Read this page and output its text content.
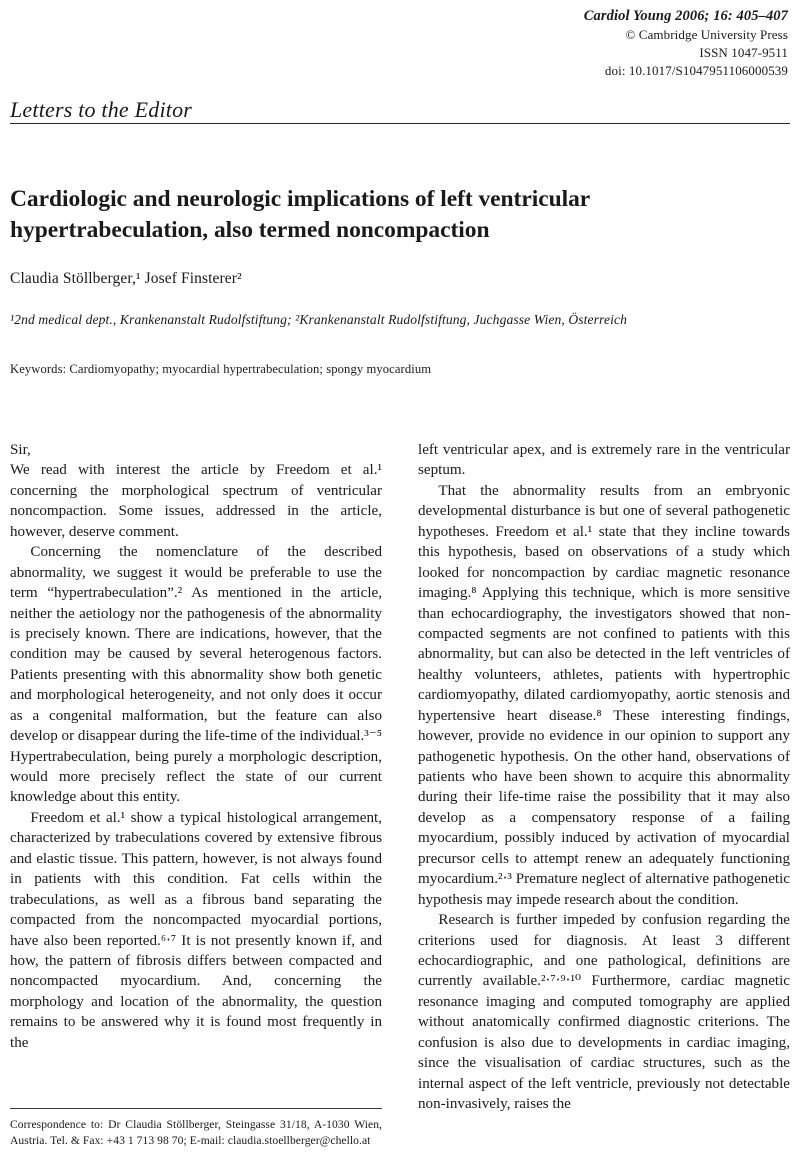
Cardiol Young 2006; 16: 405–407
© Cambridge University Press
ISSN 1047-9511
doi: 10.1017/S1047951106000539
Letters to the Editor
Cardiologic and neurologic implications of left ventricular hypertrabeculation, also termed noncompaction
Claudia Stöllberger,¹ Josef Finsterer²
¹2nd medical dept., Krankenanstalt Rudolfstiftung; ²Krankenanstalt Rudolfstiftung, Juchgasse Wien, Österreich
Keywords: Cardiomyopathy; myocardial hypertrabeculation; spongy myocardium

Sir,

We read with interest the article by Freedom et al.¹ concerning the morphological spectrum of ventricular noncompaction. Some issues, addressed in the article, however, deserve comment.

Concerning the nomenclature of the described abnormality, we suggest it would be preferable to use the term “hypertrabeculation”.² As mentioned in the article, neither the aetiology nor the pathogenesis of the abnormality is precisely known. There are indications, however, that the condition may be caused by several heterogenous factors. Patients presenting with this abnormality show both genetic and morphological heterogeneity, and not only does it occur as a congenital malformation, but the feature can also develop or disappear during the life-time of the individual.³⁻⁵ Hypertrabeculation, being purely a morphologic description, would more precisely reflect the state of our current knowledge about this entity.

Freedom et al.¹ show a typical histological arrangement, characterized by trabeculations covered by extensive fibrous and elastic tissue. This pattern, however, is not always found in patients with this condition. Fat cells within the trabeculations, as well as a fibrous band separating the compacted from the noncompacted myocardial portions, have also been reported.⁶‧⁷ It is not presently known if, and how, the pattern of fibrosis differs between compacted and noncompacted myocardium. And, concerning the morphology and location of the abnormality, the question remains to be answered why it is found most frequently in the

left ventricular apex, and is extremely rare in the ventricular septum.

That the abnormality results from an embryonic developmental disturbance is but one of several pathogenetic hypotheses. Freedom et al.¹ state that they incline towards this hypothesis, based on observations of a study which looked for noncompaction by cardiac magnetic resonance imaging.⁸ Applying this technique, which is more sensitive than echocardiography, the investigators showed that non-compacted segments are not confined to patients with this abnormality, but can also be detected in the left ventricles of healthy volunteers, athletes, patients with hypertrophic cardiomyopathy, dilated cardiomyopathy, aortic stenosis and hypertensive heart disease.⁸ These interesting findings, however, provide no evidence in our opinion to support any pathogenetic hypothesis. On the other hand, observations of patients who have been shown to acquire this abnormality during their life-time raise the possibility that it may also develop as a compensatory response of a failing myocardium, possibly induced by activation of myocardial precursor cells to attempt renew an adequately functioning myocardium.²‧³ Premature neglect of alternative pathogenetic hypothesis may impede research about the condition.

Research is further impeded by confusion regarding the criterions used for diagnosis. At least 3 different echocardiographic, and one pathological, definitions are currently available.²‧⁷‧⁹‧¹⁰ Furthermore, cardiac magnetic resonance imaging and computed tomography are applied without anatomically confirmed diagnostic criterions. The confusion is also due to developments in cardiac imaging, since the visualisation of cardiac structures, such as the internal aspect of the left ventricle, previously not detectable non-invasively, raises the

Correspondence to: Dr Claudia Stöllberger, Steingasse 31/18, A-1030 Wien, Austria. Tel. & Fax: +43 1 713 98 70; E-mail: claudia.stoellberger@chello.at
